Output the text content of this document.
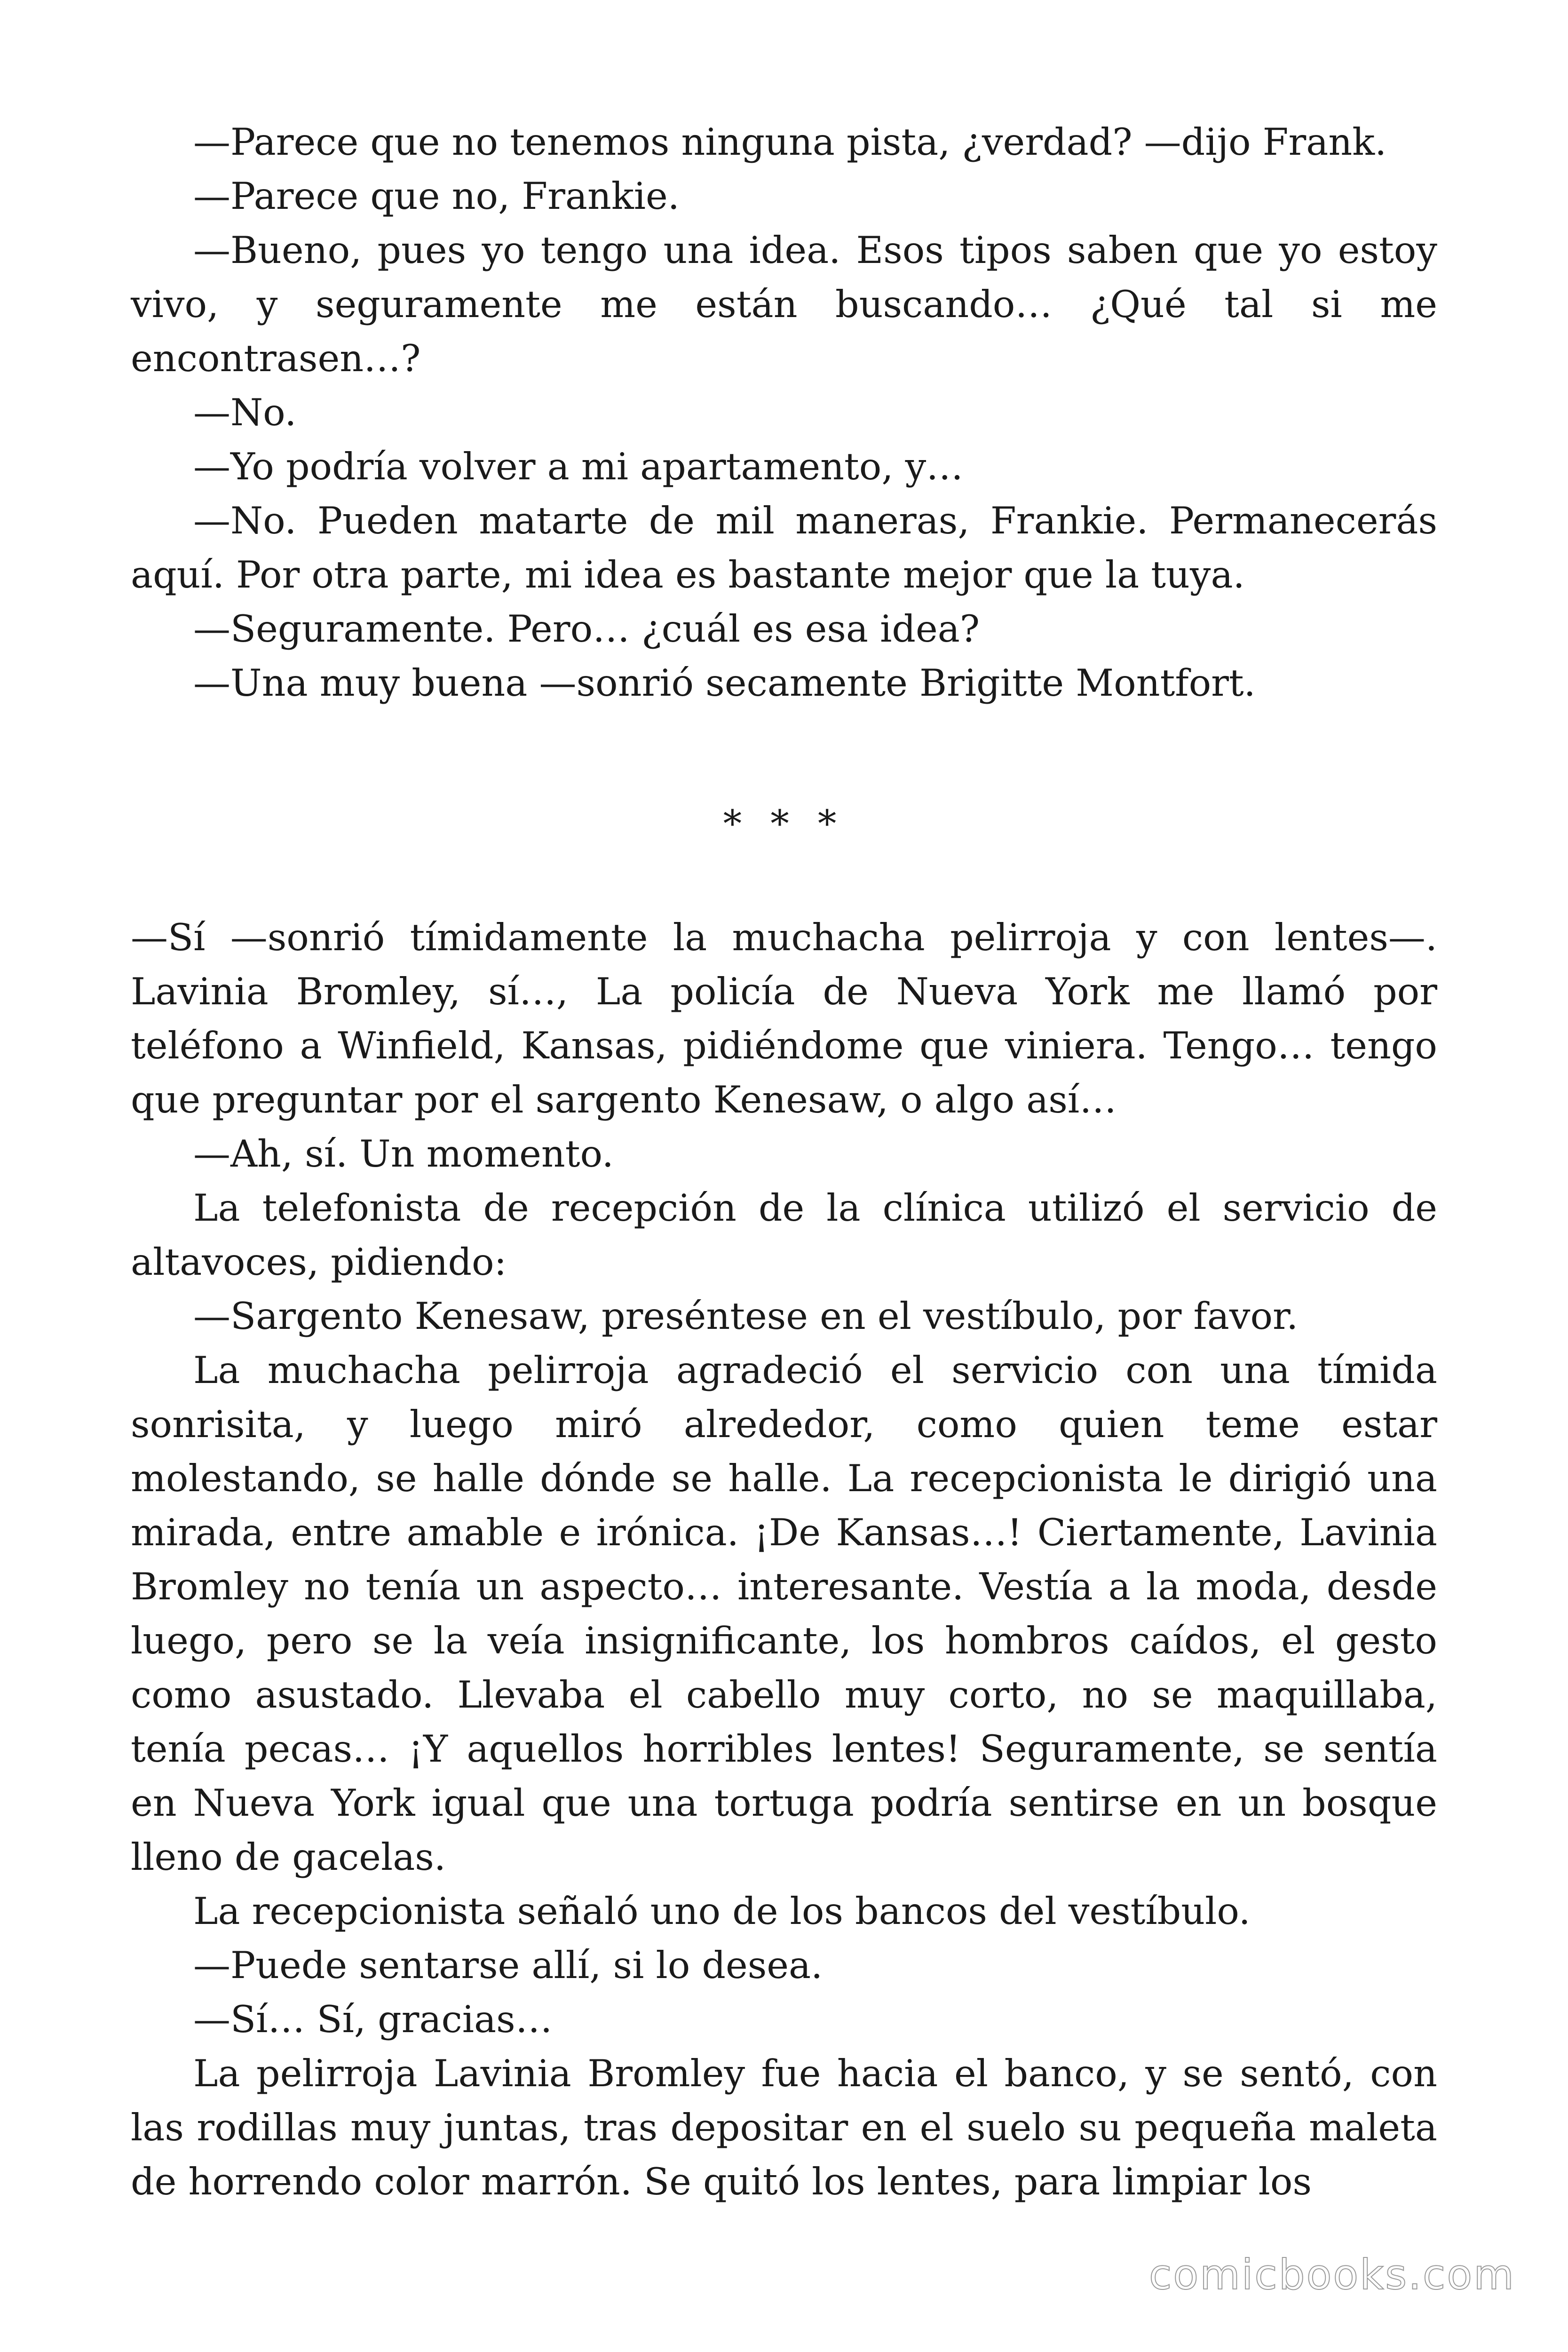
—Parece que no tenemos ninguna pista, ¿verdad? —dijo Frank.

—Parece que no, Frankie.

—Bueno, pues yo tengo una idea. Esos tipos saben que yo estoy vivo, y seguramente me están buscando… ¿Qué tal si me encontrasen…?

—No.

—Yo podría volver a mi apartamento, y…

—No. Pueden matarte de mil maneras, Frankie. Permanecerás aquí. Por otra parte, mi idea es bastante mejor que la tuya.

—Seguramente. Pero… ¿cuál es esa idea?

—Una muy buena —sonrió secamente Brigitte Montfort.

* * *

—Sí —sonrió tímidamente la muchacha pelirroja y con lentes—. Lavinia Bromley, sí…, La policía de Nueva York me llamó por teléfono a Winfield, Kansas, pidiéndome que viniera. Tengo… tengo que preguntar por el sargento Kenesaw, o algo así…

—Ah, sí. Un momento.

La telefonista de recepción de la clínica utilizó el servicio de altavoces, pidiendo:

—Sargento Kenesaw, preséntese en el vestíbulo, por favor.

La muchacha pelirroja agradeció el servicio con una tímida sonrisita, y luego miró alrededor, como quien teme estar molestando, se halle dónde se halle. La recepcionista le dirigió una mirada, entre amable e irónica. ¡De Kansas…! Ciertamente, Lavinia Bromley no tenía un aspecto… interesante. Vestía a la moda, desde luego, pero se la veía insignificante, los hombros caídos, el gesto como asustado. Llevaba el cabello muy corto, no se maquillaba, tenía pecas… ¡Y aquellos horribles lentes! Seguramente, se sentía en Nueva York igual que una tortuga podría sentirse en un bosque lleno de gacelas.

La recepcionista señaló uno de los bancos del vestíbulo.

—Puede sentarse allí, si lo desea.

—Sí… Sí, gracias…

La pelirroja Lavinia Bromley fue hacia el banco, y se sentó, con las rodillas muy juntas, tras depositar en el suelo su pequeña maleta de horrendo color marrón. Se quitó los lentes, para limpiar los

comicbooks.com
